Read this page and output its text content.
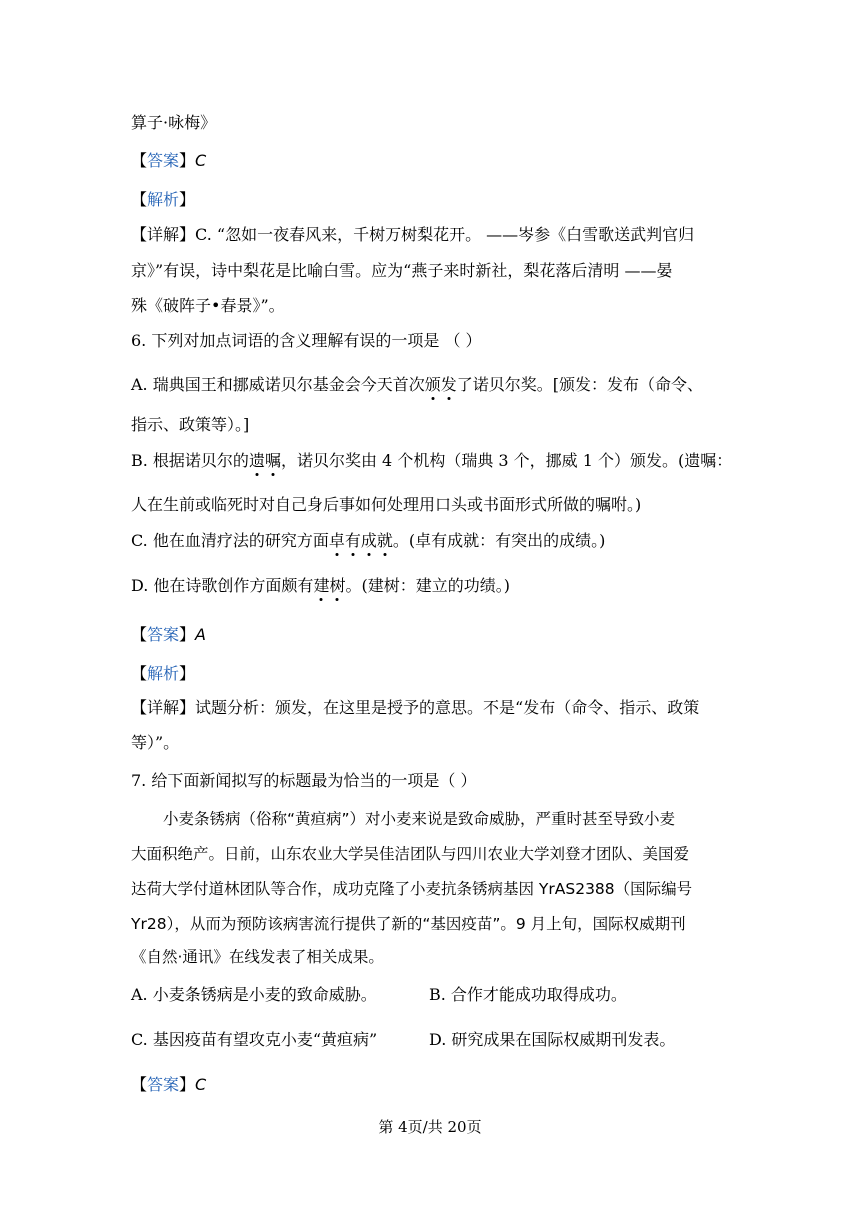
算子·咏梅》
【答案】C
【解析】
【详解】C. “忽如一夜春风来，千树万树梨花开。 ——岑参《白雪歌送武判官归
京》”有误，诗中梨花是比喻白雪。应为“燕子来时新社，梨花落后清明 ——晏
殊《破阵子•春景》”。
6. 下列对加点词语的含义理解有误的一项是 （ ）
A. 瑞典国王和挪威诺贝尔基金会今天首次颁发了诺贝尔奖。[颁发：发布（命令、
指示、政策等）。]
B. 根据诺贝尔的遗嘱，诺贝尔奖由 4 个机构（瑞典 3 个，挪威 1 个）颁发。(遗嘱：
人在生前或临死时对自己身后事如何处理用口头或书面形式所做的嘱咐。)
C. 他在血清疗法的研究方面卓有成就。(卓有成就：有突出的成绩。)
D. 他在诗歌创作方面颇有建树。(建树：建立的功绩。)
【答案】A
【解析】
【详解】试题分析：颁发，在这里是授予的意思。不是“发布（命令、指示、政策
等）”。
7. 给下面新闻拟写的标题最为恰当的一项是（ ）
小麦条锈病（俗称“黄疸病”）对小麦来说是致命威胁，严重时甚至导致小麦
大面积绝产。日前，山东农业大学吴佳洁团队与四川农业大学刘登才团队、美国爱
达荷大学付道林团队等合作，成功克隆了小麦抗条锈病基因 YrAS2388（国际编号
Yr28），从而为预防该病害流行提供了新的“基因疫苗”。9 月上旬，国际权威期刊
《自然·通讯》在线发表了相关成果。
A. 小麦条锈病是小麦的致命威胁。	B. 合作才能成功取得成功。
C. 基因疫苗有望攻克小麦“黄疸病”	D. 研究成果在国际权威期刊发表。
【答案】C
第 4页/共 20页
